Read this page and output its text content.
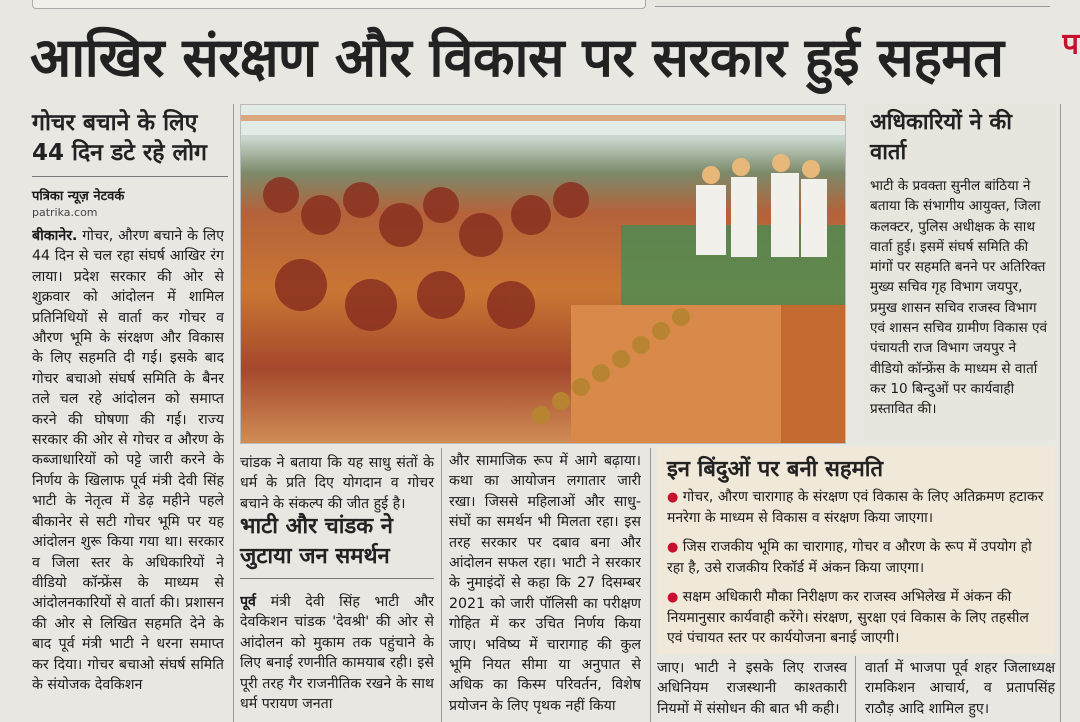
आखिर संरक्षण और विकास पर सरकार हुई सहमत	प
गोचर बचाने के लिए 44 दिन डटे रहे लोग
पत्रिका न्यूज़ नेटवर्क
patrika.com
बीकानेर. गोचर, औरण बचाने के लिए 44 दिन से चल रहा संघर्ष आखिर रंग लाया। प्रदेश सरकार की ओर से शुक्रवार को आंदोलन में शामिल प्रतिनिधियों से वार्ता कर गोचर व औरण भूमि के संरक्षण और विकास के लिए सहमति दी गई। इसके बाद गोचर बचाओ संघर्ष समिति के बैनर तले चल रहे आंदोलन को समाप्त करने की घोषणा की गई। राज्य सरकार की ओर से गोचर व औरण के कब्जाधारियों को पट्टे जारी करने के निर्णय के खिलाफ पूर्व मंत्री देवी सिंह भाटी के नेतृत्व में डेढ़ महीने पहले बीकानेर से सटी गोचर भूमि पर यह आंदोलन शुरू किया गया था। सरकार व जिला स्तर के अधिकारियों ने वीडियो कॉन्फ्रेंस के माध्यम से आंदोलनकारियों से वार्ता की। प्रशासन की ओर से लिखित सहमति देने के बाद पूर्व मंत्री भाटी ने धरना समाप्त कर दिया। गोचर बचाओ संघर्ष समिति के संयोजक देवकिशन
अधिकारियों ने की वार्ता
भाटी के प्रवक्ता सुनील बांठिया ने बताया कि संभागीय आयुक्त, जिला कलक्टर, पुलिस अधीक्षक के साथ वार्ता हुई। इसमें संघर्ष समिति की मांगों पर सहमति बनने पर अतिरिक्त मुख्य सचिव गृह विभाग जयपुर, प्रमुख शासन सचिव राजस्व विभाग एवं शासन सचिव ग्रामीण विकास एवं पंचायती राज विभाग जयपुर ने वीडियो कॉन्फ्रेंस के माध्यम से वार्ता कर 10 बिन्दुओं पर कार्यवाही प्रस्तावित की।
चांडक ने बताया कि यह साधु संतों के धर्म के प्रति दिए योगदान व गोचर बचाने के संकल्प की जीत हुई है।
भाटी और चांडक ने जुटाया जन समर्थन
पूर्व मंत्री देवी सिंह भाटी और देवकिशन चांडक 'देवश्री' की ओर से आंदोलन को मुकाम तक पहुंचाने के लिए बनाई रणनीति कामयाब रही। इसे पूरी तरह गैर राजनीतिक रखने के साथ धर्म परायण जनता
और सामाजिक रूप में आगे बढ़ाया। कथा का आयोजन लगातार जारी रखा। जिससे महिलाओं और साधु-संघों का समर्थन भी मिलता रहा। इस तरह सरकार पर दबाव बना और आंदोलन सफल रहा। भाटी ने सरकार के नुमाइंदों से कहा कि 27 दिसम्बर 2021 को जारी पॉलिसी का परीक्षण गोहित में कर उचित निर्णय किया जाए। भविष्य में चारागाह की कुल भूमि नियत सीमा या अनुपात से अधिक का किस्म परिवर्तन, विशेष प्रयोजन के लिए पृथक नहीं किया
इन बिंदुओं पर बनी सहमति
● गोचर, औरण चारागाह के संरक्षण एवं विकास के लिए अतिक्रमण हटाकर मनरेगा के माध्यम से विकास व संरक्षण किया जाएगा।
● जिस राजकीय भूमि का चारागाह, गोचर व औरण के रूप में उपयोग हो रहा है, उसे राजकीय रिकॉर्ड में अंकन किया जाएगा।
● सक्षम अधिकारी मौका निरीक्षण कर राजस्व अभिलेख में अंकन की नियमानुसार कार्यवाही करेंगे। संरक्षण, सुरक्षा एवं विकास के लिए तहसील एवं पंचायत स्तर पर कार्ययोजना बनाई जाएगी।
जाए। भाटी ने इसके लिए राजस्व अधिनियम राजस्थानी काश्तकारी नियमों में संसोधन की बात भी कही।
वार्ता में भाजपा पूर्व शहर जिलाध्यक्ष रामकिशन आचार्य, व प्रतापसिंह राठौड़ आदि शामिल हुए।
